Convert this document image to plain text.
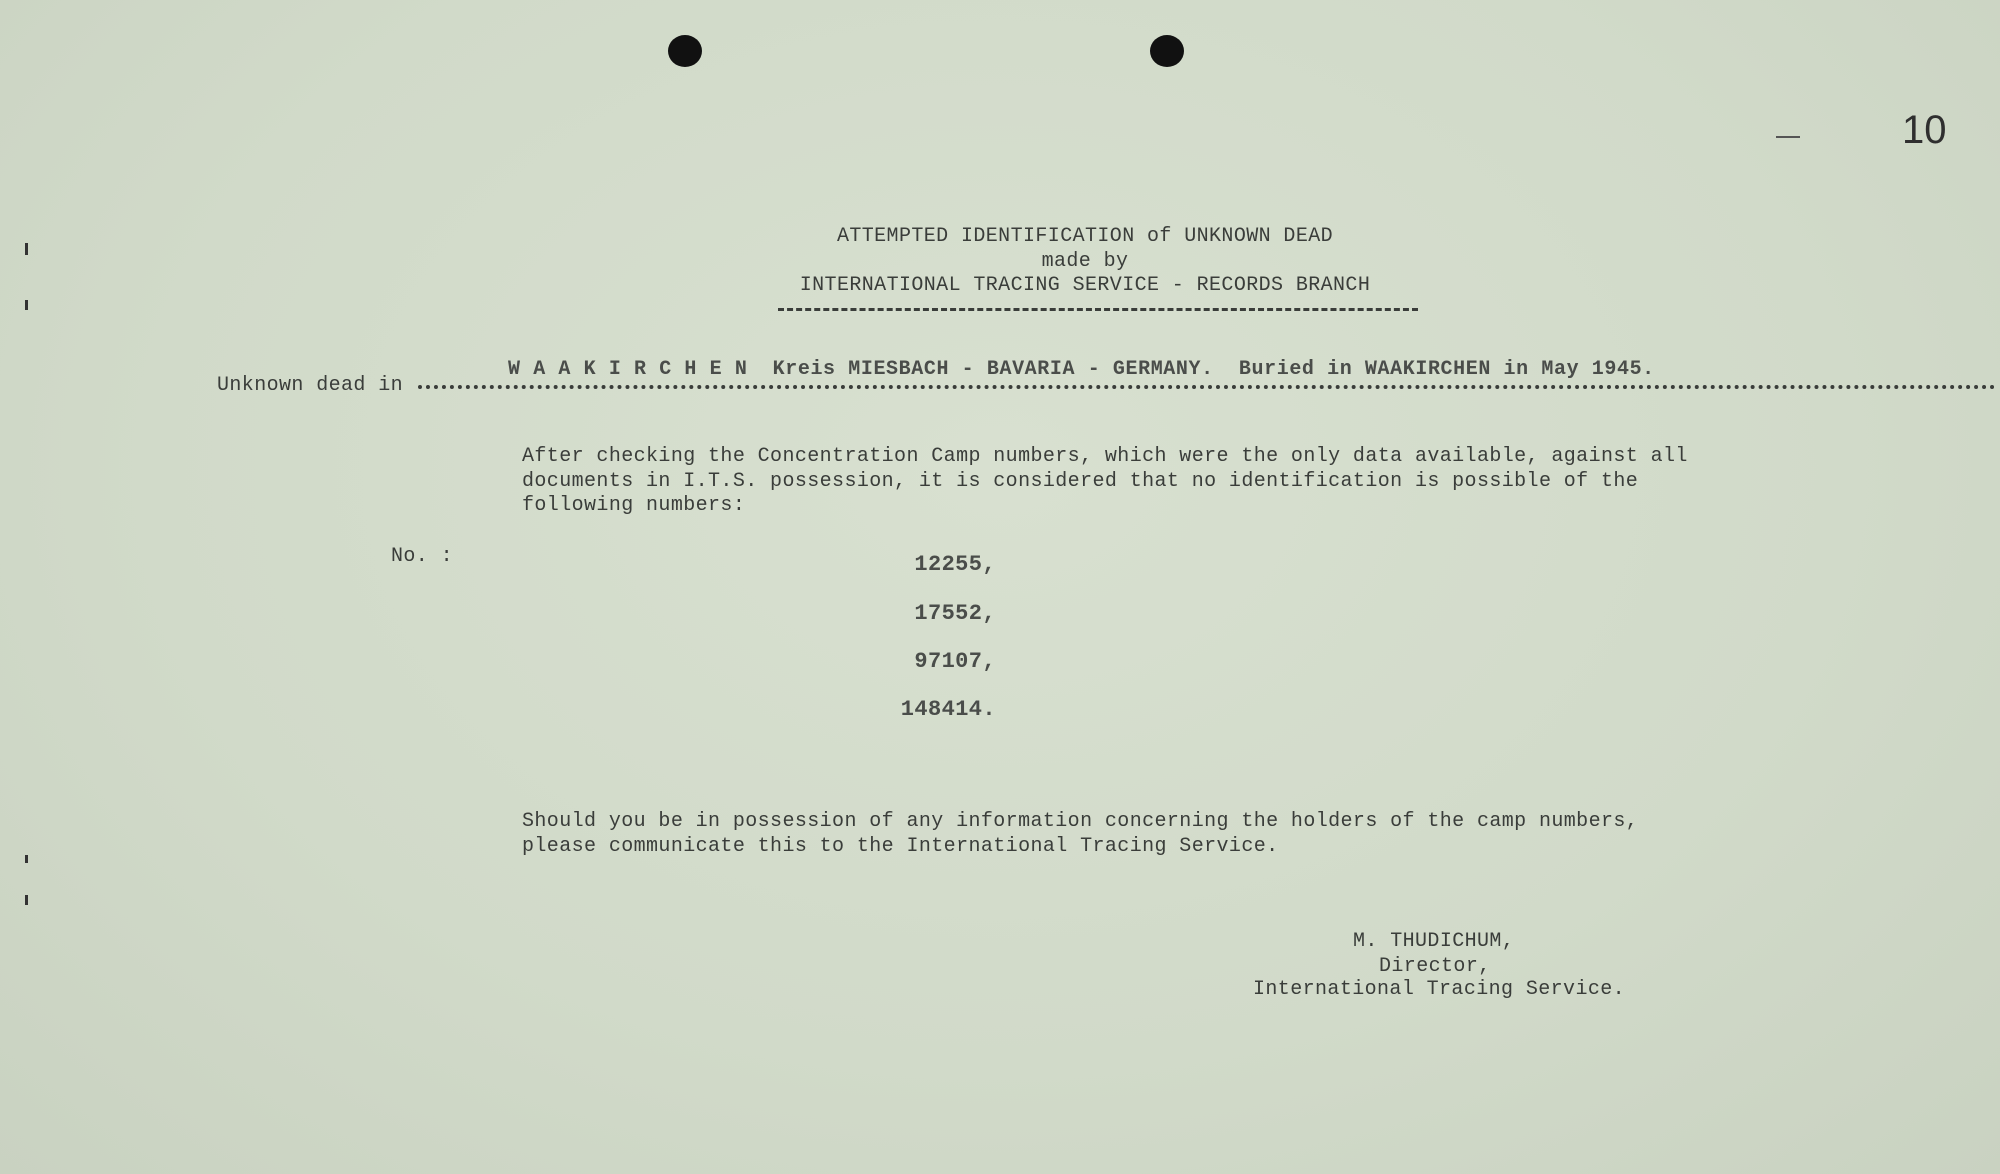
10
ATTEMPTED IDENTIFICATION of UNKNOWN DEAD
made by
INTERNATIONAL TRACING SERVICE - RECORDS BRANCH
Unknown dead in
W A A K I R C H E N  Kreis MIESBACH - BAVARIA - GERMANY.  Buried in WAAKIRCHEN in May 1945.
After checking the Concentration Camp numbers, which were the only data available, against all
documents in I.T.S. possession, it is considered that no identification is possible of the
following numbers:
No. :	12255,
17552,
97107,
148414.
Should you be in possession of any information concerning the holders of the camp numbers,
please communicate this to the International Tracing Service.
M. THUDICHUM,
Director,
International Tracing Service.
